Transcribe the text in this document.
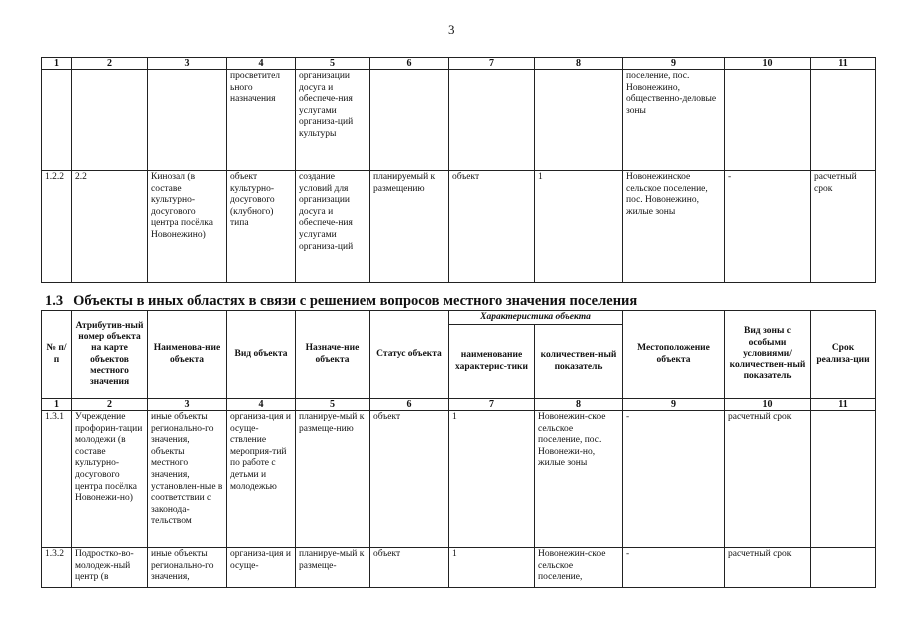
3
1	2	3	4	5	6	7	8	9	10	11
			просветител ьного назначения	организации досуга и обеспече-ния услугами организа-ций культуры				поселение, пос. Новонежино, общественно-деловые зоны		
1.2.2	2.2	Кинозал (в составе культурно-досугового центра посёлка Новонежино)	объект культурно-досугового (клубного) типа	создание условий для организации досуга и обеспече-ния услугами организа-ций	планируемый к размещению	объект	1	Новонежинское сельское поселение, пос. Новонежино, жилые зоны	-	расчетный срок
1.3 Объекты в иных областях в связи с решением вопросов местного значения поселения
№ п/п	Атрибутив-ный номер объекта на карте объектов местного значения	Наименова-ние объекта	Вид объекта	Назначе-ние объекта	Статус объекта	Характеристика объекта		Местоположение объекта	Вид зоны с особыми условиями/ количествен-ный показатель	Срок реализа-ции
						наименование характерис-тики	количествен-ный показатель			
1	2	3	4	5	6	7	8	9	10	11
1.3.1	Учреждение профорин-тации молодежи (в составе культурно-досугового центра посёлка Новонежи-но)	иные объекты регионально-го значения, объекты местного значения, установлен-ные в соответствии с законода-тельством	организа-ция и осуще-ствление мероприя-тий по работе с детьми и молодежью	планируе-мый к размеще-нию	объект	1	Новонежин-ское сельское поселение, пос. Новонежи-но, жилые зоны	-	расчетный срок	
1.3.2	Подростко-во-молодеж-ный центр (в	иные объекты регионально-го значения,	организа-ция и осуще-	планируе-мый к размеще-	объект	1	Новонежин-ское сельское поселение,	-	расчетный срок	
